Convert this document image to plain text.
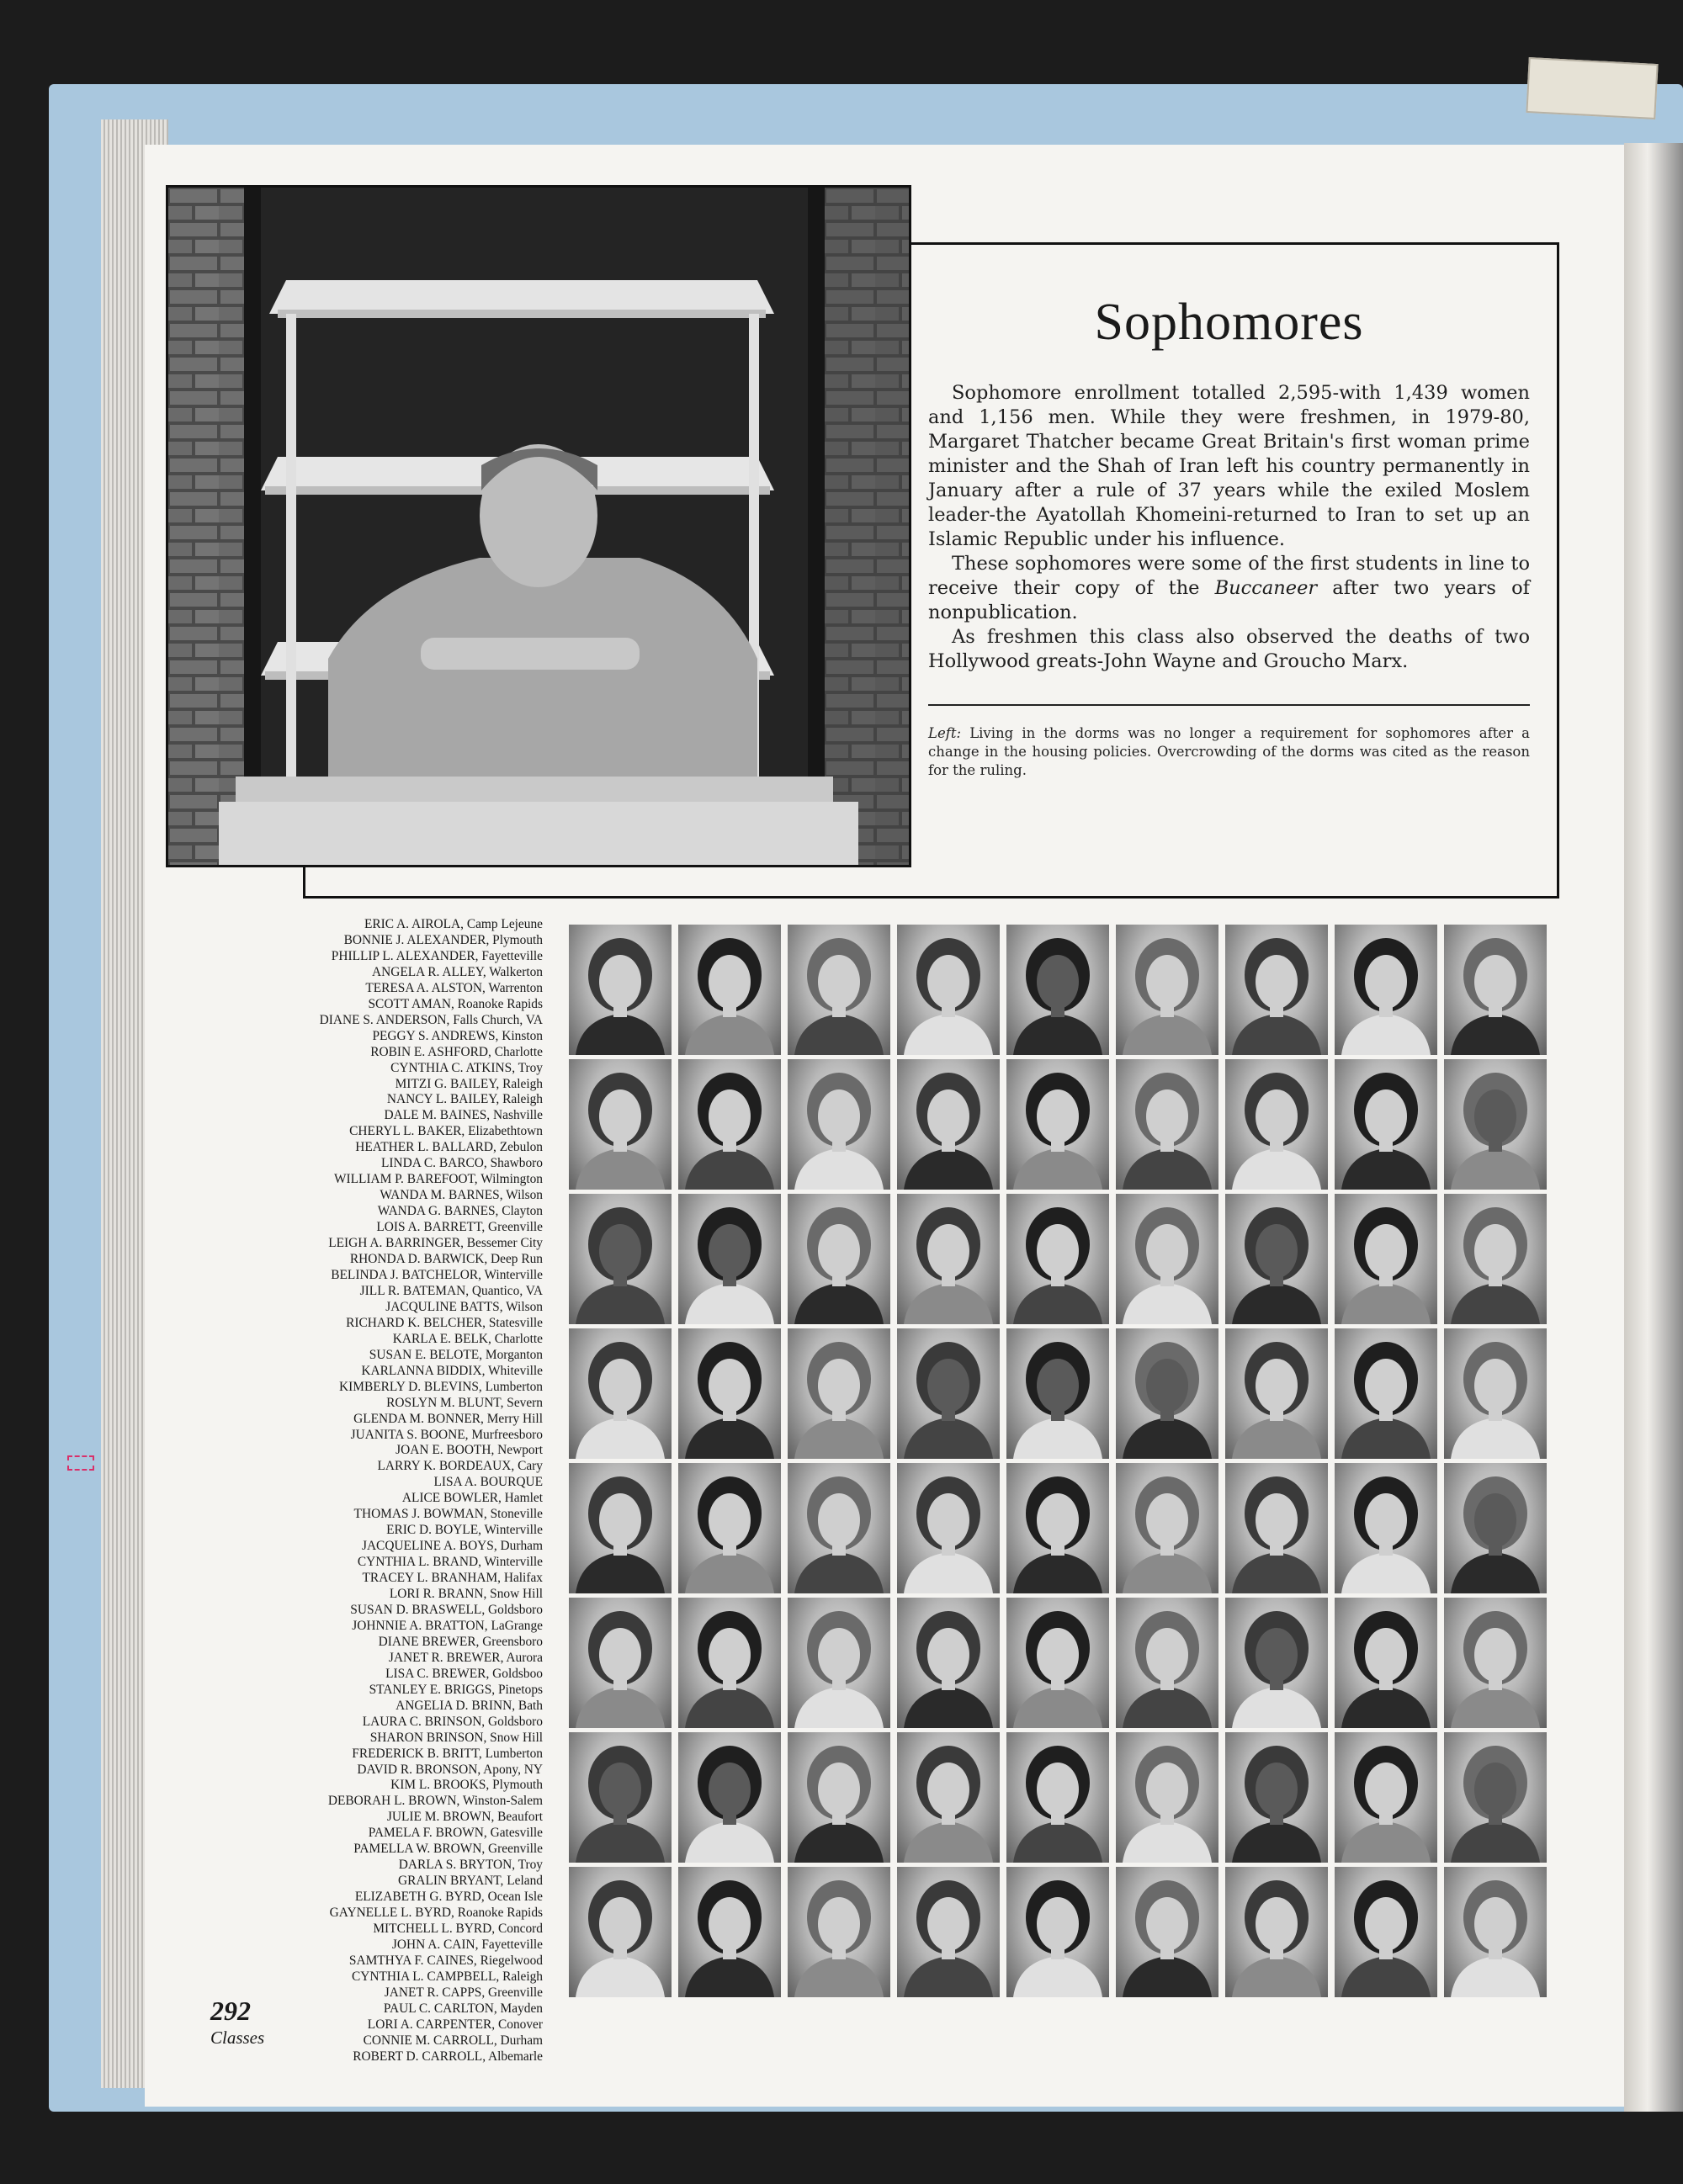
Sophomores

Sophomore enrollment totalled 2,595-with 1,439 women and 1,156 men. While they were freshmen, in 1979-80, Margaret Thatcher became Great Britain's first woman prime minister and the Shah of Iran left his country permanently in January after a rule of 37 years while the exiled Moslem leader-the Ayatollah Khomeini-returned to Iran to set up an Islamic Republic under his influence.

These sophomores were some of the first students in line to receive their copy of the Buccaneer after two years of nonpublication.

As freshmen this class also observed the deaths of two Hollywood greats-John Wayne and Groucho Marx.

Left: Living in the dorms was no longer a requirement for sophomores after a change in the housing policies. Overcrowding of the dorms was cited as the reason for the ruling.
ERIC A. AIROLA, Camp Lejeune
BONNIE J. ALEXANDER, Plymouth
PHILLIP L. ALEXANDER, Fayetteville
ANGELA R. ALLEY, Walkerton
TERESA A. ALSTON, Warrenton
SCOTT AMAN, Roanoke Rapids
DIANE S. ANDERSON, Falls Church, VA
PEGGY S. ANDREWS, Kinston
ROBIN E. ASHFORD, Charlotte
CYNTHIA C. ATKINS, Troy
MITZI G. BAILEY, Raleigh
NANCY L. BAILEY, Raleigh
DALE M. BAINES, Nashville
CHERYL L. BAKER, Elizabethtown
HEATHER L. BALLARD, Zebulon
LINDA C. BARCO, Shawboro
WILLIAM P. BAREFOOT, Wilmington
WANDA M. BARNES, Wilson
WANDA G. BARNES, Clayton
LOIS A. BARRETT, Greenville
LEIGH A. BARRINGER, Bessemer City
RHONDA D. BARWICK, Deep Run
BELINDA J. BATCHELOR, Winterville
JILL R. BATEMAN, Quantico, VA
JACQULINE BATTS, Wilson
RICHARD K. BELCHER, Statesville
KARLA E. BELK, Charlotte
SUSAN E. BELOTE, Morganton
KARLANNA BIDDIX, Whiteville
KIMBERLY D. BLEVINS, Lumberton
ROSLYN M. BLUNT, Severn
GLENDA M. BONNER, Merry Hill
JUANITA S. BOONE, Murfreesboro
JOAN E. BOOTH, Newport
LARRY K. BORDEAUX, Cary
LISA A. BOURQUE
ALICE BOWLER, Hamlet
THOMAS J. BOWMAN, Stoneville
ERIC D. BOYLE, Winterville
JACQUELINE A. BOYS, Durham
CYNTHIA L. BRAND, Winterville
TRACEY L. BRANHAM, Halifax
LORI R. BRANN, Snow Hill
SUSAN D. BRASWELL, Goldsboro
JOHNNIE A. BRATTON, LaGrange
DIANE BREWER, Greensboro
JANET R. BREWER, Aurora
LISA C. BREWER, Goldsboo
STANLEY E. BRIGGS, Pinetops
ANGELIA D. BRINN, Bath
LAURA C. BRINSON, Goldsboro
SHARON BRINSON, Snow Hill
FREDERICK B. BRITT, Lumberton
DAVID R. BRONSON, Apony, NY
KIM L. BROOKS, Plymouth
DEBORAH L. BROWN, Winston-Salem
JULIE M. BROWN, Beaufort
PAMELA F. BROWN, Gatesville
PAMELLA W. BROWN, Greenville
DARLA S. BRYTON, Troy
GRALIN BRYANT, Leland
ELIZABETH G. BYRD, Ocean Isle
GAYNELLE L. BYRD, Roanoke Rapids
MITCHELL L. BYRD, Concord
JOHN A. CAIN, Fayetteville
SAMTHYA F. CAINES, Riegelwood
CYNTHIA L. CAMPBELL, Raleigh
JANET R. CAPPS, Greenville
PAUL C. CARLTON, Mayden
LORI A. CARPENTER, Conover
CONNIE M. CARROLL, Durham
ROBERT D. CARROLL, Albemarle
292
Classes
